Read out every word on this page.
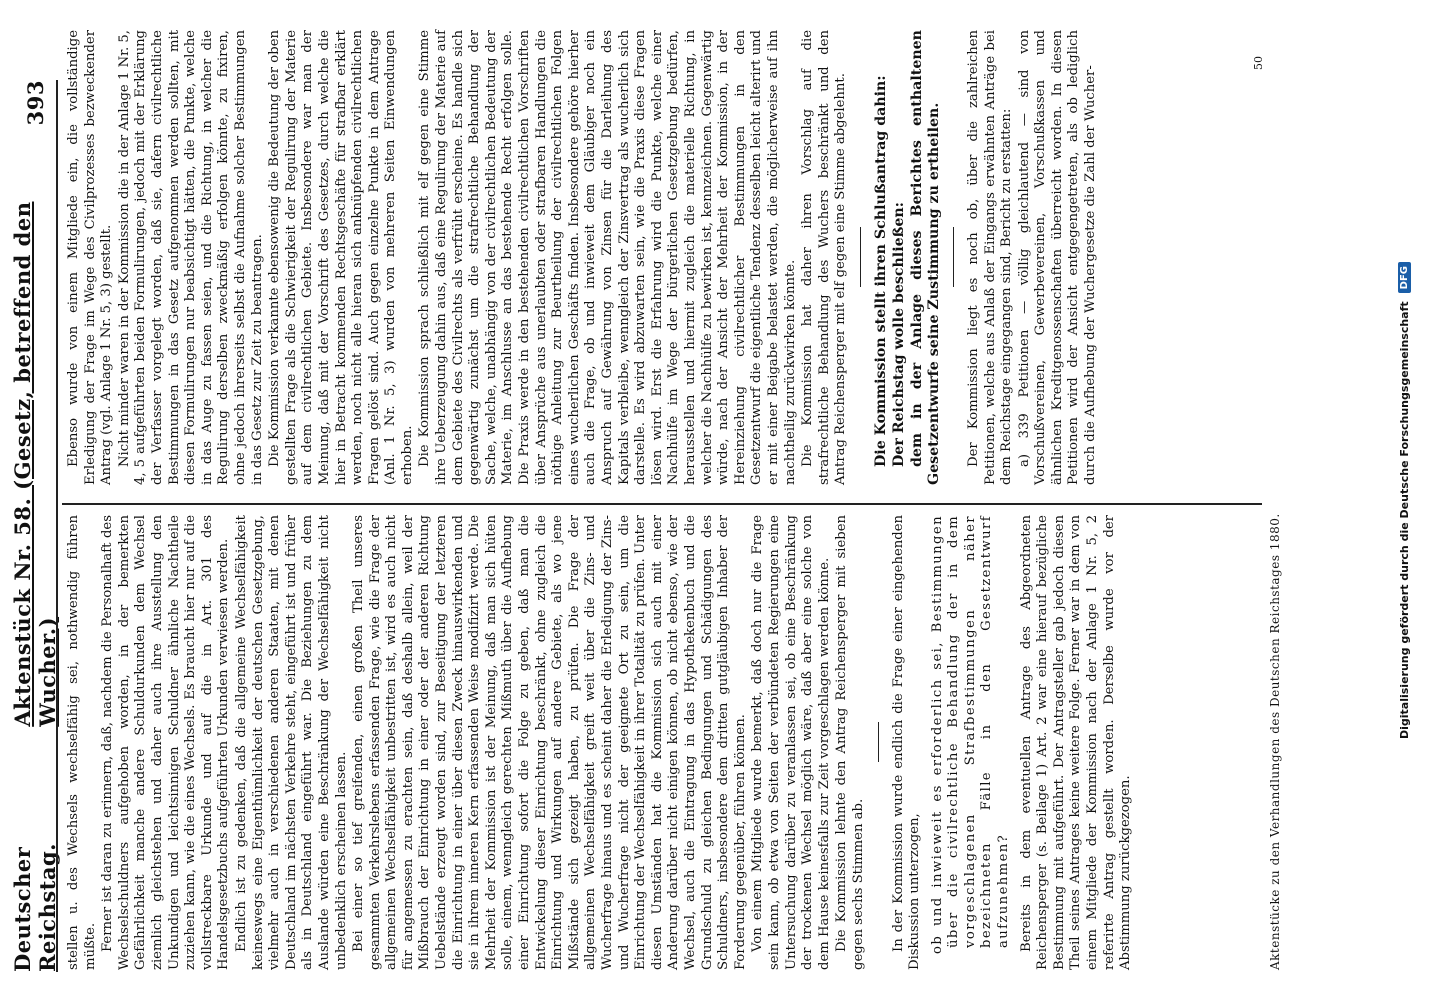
Deutscher Reichstag.
Aktenstück Nr. 58. (Gesetz, betreffend den Wucher.)
393

stellen u. des Wechsels wechselfähig sei, nothwendig führen müßte. Ferner ist daran zu erinnern, daß, nachdem die Personalhaft des Wechselschuldners aufgehoben worden, in der bemerkten Gefährlichkeit manche andere Schuldurkunden dem Wechsel ziemlich gleichstehen und daher auch ihre Ausstellung den Unkundigen und leichtsinnigen Schuldner ähnliche Nachtheile zuziehen kann, wie die eines Wechsels. Es braucht hier nur auf die vollstreckbare Urkunde und auf die in Art. 301 des Handelsgesetzbuchs aufgeführten Urkunden verwiesen werden. Endlich ist zu gedenken, daß die allgemeine Wechselfähigkeit keineswegs eine Eigenthümlichkeit der deutschen Gesetzgebung, vielmehr auch in verschiedenen anderen Staaten, mit denen Deutschland im nächsten Verkehre steht, eingeführt ist und früher als in Deutschland eingeführt war. Die Beziehungen zu dem Auslande würden eine Beschränkung der Wechselfähigkeit nicht unbedenklich erscheinen lassen. Bei einer so tief greifenden, einen großen Theil unseres gesammten Verkehrslebens erfassenden Frage, wie die Frage der allgemeinen Wechselfähigkeit unbestritten ist, wird es auch nicht für angemessen zu erachten sein, daß deshalb allein, weil der Mißbrauch der Einrichtung in einer oder der anderen Richtung Uebelstände erzeugt worden sind, zur Beseitigung der letzteren die Einrichtung in einer über diesen Zweck hinauswirkenden und sie in ihrem inneren Kern erfassenden Weise modifizirt werde. Die Mehrheit der Kommission ist der Meinung, daß man sich hüten solle, einem, wenngleich gerechten Mißmuth über die Aufhebung einer Einrichtung sofort die Folge zu geben, daß man die Entwickelung dieser Einrichtung beschränkt, ohne zugleich die Einrichtung und Wirkungen auf andere Gebiete, als wo jene Mißstände sich gezeigt haben, zu prüfen. Die Frage der allgemeinen Wechselfähigkeit greift weit über die Zins- und Wucherfrage hinaus und es scheint daher die Erledigung der Zins- und Wucherfrage nicht der geeignete Ort zu sein, um die Einrichtung der Wechselfähigkeit in ihrer Totalität zu prüfen. Unter diesen Umständen hat die Kommission sich auch mit einer Anderung darüber nicht einigen können, ob nicht ebenso, wie der Wechsel, auch die Eintragung in das Hypothekenbuch und die Grundschuld zu gleichen Bedingungen und Schädigungen des Schuldners, insbesondere dem dritten gutgläubigen Inhaber der Forderung gegenüber, führen können. Von einem Mitgliede wurde bemerkt, daß doch nur die Frage sein kann, ob etwa von Seiten der verbündeten Regierungen eine Untersuchung darüber zu veranlassen sei, ob eine Beschränkung der trockenen Wechsel möglich wäre, daß aber eine solche von dem Hause keinesfalls zur Zeit vorgeschlagen werden könne. Die Kommission lehnte den Antrag Reichensperger mit sieben gegen sechs Stimmen ab. In der Kommission wurde endlich die Frage einer eingehenden Diskussion unterzogen, ob und inwieweit es erforderlich sei, Bestimmungen über die civilrechtliche Behandlung der in dem vorgeschlagenen Strafbestimmungen näher bezeichneten Fälle in den Gesetzentwurf aufzunehmen? Bereits in dem eventuellen Antrage des Abgeordneten Reichensperger (s. Beilage 1) Art. 2 war eine hierauf bezügliche Bestimmung mit aufgeführt. Der Antragsteller gab jedoch diesen Theil seines Antrages keine weitere Folge. Ferner war in dem von einem Mitgliede der Kommission nach der Anlage 1 Nr. 5, 2 referirte Antrag gestellt worden. Derselbe wurde vor der Abstimmung zurückgezogen.

Ebenso wurde von einem Mitgliede ein, die vollständige Erledigung der Frage im Wege des Civilprozesses bezweckender Antrag (vgl. Anlage 1 Nr. 5, 3) gestellt. Nicht minder waren in der Kommission die in der Anlage 1 Nr. 5, 4, 5 aufgeführten beiden Formulirungen, jedoch mit der Erklärung der Verfasser vorgelegt worden, daß sie, dafern civilrechtliche Bestimmungen in das Gesetz aufgenommen werden sollten, mit diesen Formulirungen nur beabsichtigt hätten, die Punkte, welche in das Auge zu fassen seien, und die Richtung, in welcher die Regulirung derselben zweckmäßig erfolgen könnte, zu fixiren, ohne jedoch ihrerseits selbst die Aufnahme solcher Bestimmungen in das Gesetz zur Zeit zu beantragen. Die Kommission verkannte ebensowenig die Bedeutung der oben gestellten Frage als die Schwierigkeit der Regulirung der Materie auf dem civilrechtlichen Gebiete. Insbesondere war man der Meinung, daß mit der Vorschrift des Gesetzes, durch welche die hier in Betracht kommenden Rechtsgeschäfte für strafbar erklärt werden, noch nicht alle hieran sich anknüpfenden civilrechtlichen Fragen gelöst sind. Auch gegen einzelne Punkte in dem Antrage (Anl. 1 Nr. 5, 3) wurden von mehreren Seiten Einwendungen erhoben. Die Kommission sprach schließlich mit elf gegen eine Stimme ihre Ueberzeugung dahin aus, daß eine Regulirung der Materie auf dem Gebiete des Civilrechts als verfrüht erscheine. Es handle sich gegenwärtig zunächst um die strafrechtliche Behandlung der Sache, welche, unabhängig von der civilrechtlichen Bedeutung der Materie, im Anschlusse an das bestehende Recht erfolgen solle. Die Praxis werde in den bestehenden civilrechtlichen Vorschriften über Ansprüche aus unerlaubten oder strafbaren Handlungen die nöthige Anleitung zur Beurtheilung der civilrechtlichen Folgen eines wucherlichen Geschäfts finden. Insbesondere gehöre hierher auch die Frage, ob und inwieweit dem Gläubiger noch ein Anspruch auf Gewährung von Zinsen für die Darleihung des Kapitals verbleibe, wenngleich der Zinsvertrag als wucherlich sich darstelle. Es wird abzuwarten sein, wie die Praxis diese Fragen lösen wird. Erst die Erfahrung wird die Punkte, welche einer Nachhülfe im Wege der bürgerlichen Gesetzgebung bedürfen, herausstellen und hiermit zugleich die materielle Richtung, in welcher die Nachhülfe zu bewirken ist, kennzeichnen. Gegenwärtig würde, nach der Ansicht der Mehrheit der Kommission, in der Hereinziehung civilrechtlicher Bestimmungen in den Gesetzentwurf die eigentliche Tendenz desselben leicht alterirt und er mit einer Beigabe belastet werden, die möglicherweise auf ihn nachtheilig zurückwirken könnte. Die Kommission hat daher ihren Vorschlag auf die strafrechtliche Behandlung des Wuchers beschränkt und den Antrag Reichensperger mit elf gegen eine Stimme abgelehnt. Die Kommission stellt ihren Schlußantrag dahin: Der Reichstag wolle beschließen: dem in der Anlage dieses Berichtes enthaltenen Gesetzentwurfe seine Zustimmung zu ertheilen. Der Kommission liegt es noch ob, über die zahlreichen Petitionen, welche aus Anlaß der Eingangs erwähnten Anträge bei dem Reichstage eingegangen sind, Bericht zu erstatten: a) 339 Petitionen — völlig gleichlautend — sind von Vorschußvereinen, Gewerbevereinen, Vorschußkassen und ähnlichen Kreditgenossenschaften überreicht worden. In diesen Petitionen wird der Ansicht entgegengetreten, als ob lediglich durch die Aufhebung der Wuchergesetze die Zahl der Wucher-

Aktenstücke zu den Verhandlungen des Deutschen Reichstages 1880.
50
Digitalisierung gefördert durch die Deutsche Forschungsgemeinschaft
DFG
